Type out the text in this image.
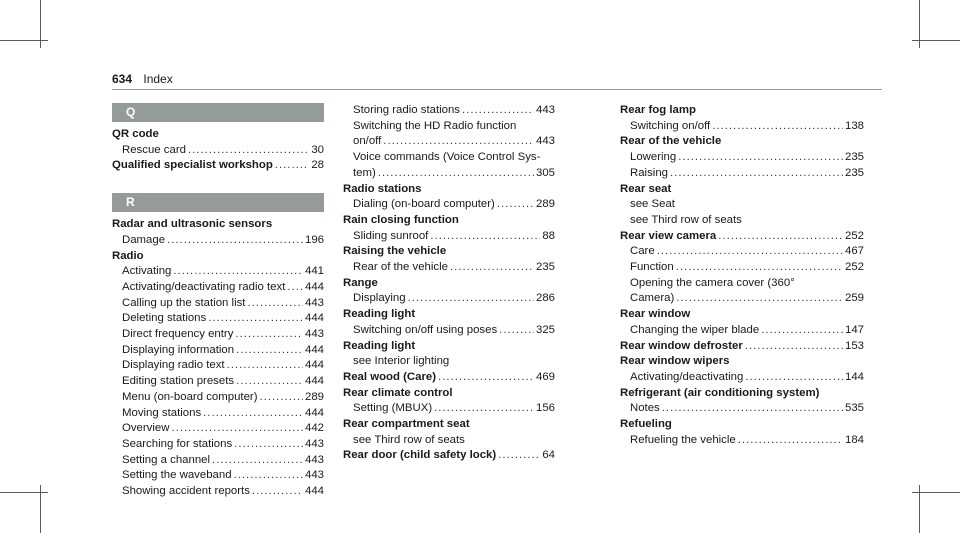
634 Index
Q
QR code
Rescue card .....	30
Qualified specialist workshop .....	28
R
Radar and ultrasonic sensors
Damage .....	196
Radio
Activating .....	441
Activating/deactivating radio text ..... 444
Calling up the station list .....	443
Deleting stations .....	444
Direct frequency entry .....	443
Displaying information .....	444
Displaying radio text .....	444
Editing station presets .....	444
Menu (on-board computer) .....	289
Moving stations .....	444
Overview .....	442
Searching for stations .....	443
Setting a channel .....	443
Setting the waveband .....	443
Showing accident reports .....	444
Storing radio stations .....	443
Switching the HD Radio function
on/off .....	443
Voice commands (Voice Control Sys-
tem) .....	305
Radio stations
Dialing (on-board computer) .....	289
Rain closing function
Sliding sunroof .....	88
Raising the vehicle
Rear of the vehicle .....	235
Range
Displaying .....	286
Reading light
Switching on/off using poses .....	325
Reading light
see Interior lighting
Real wood (Care) .....	469
Rear climate control
Setting (MBUX) .....	156
Rear compartment seat
see Third row of seats
Rear door (child safety lock) .....	64
Rear fog lamp
Switching on/off .....	138
Rear of the vehicle
Lowering .....	235
Raising .....	235
Rear seat
see Seat
see Third row of seats
Rear view camera .....	252
Care .....	467
Function .....	252
Opening the camera cover (360°
Camera) .....	259
Rear window
Changing the wiper blade .....	147
Rear window defroster .....	153
Rear window wipers
Activating/deactivating .....	144
Refrigerant (air conditioning system)
Notes .....	535
Refueling
Refueling the vehicle .....	184
